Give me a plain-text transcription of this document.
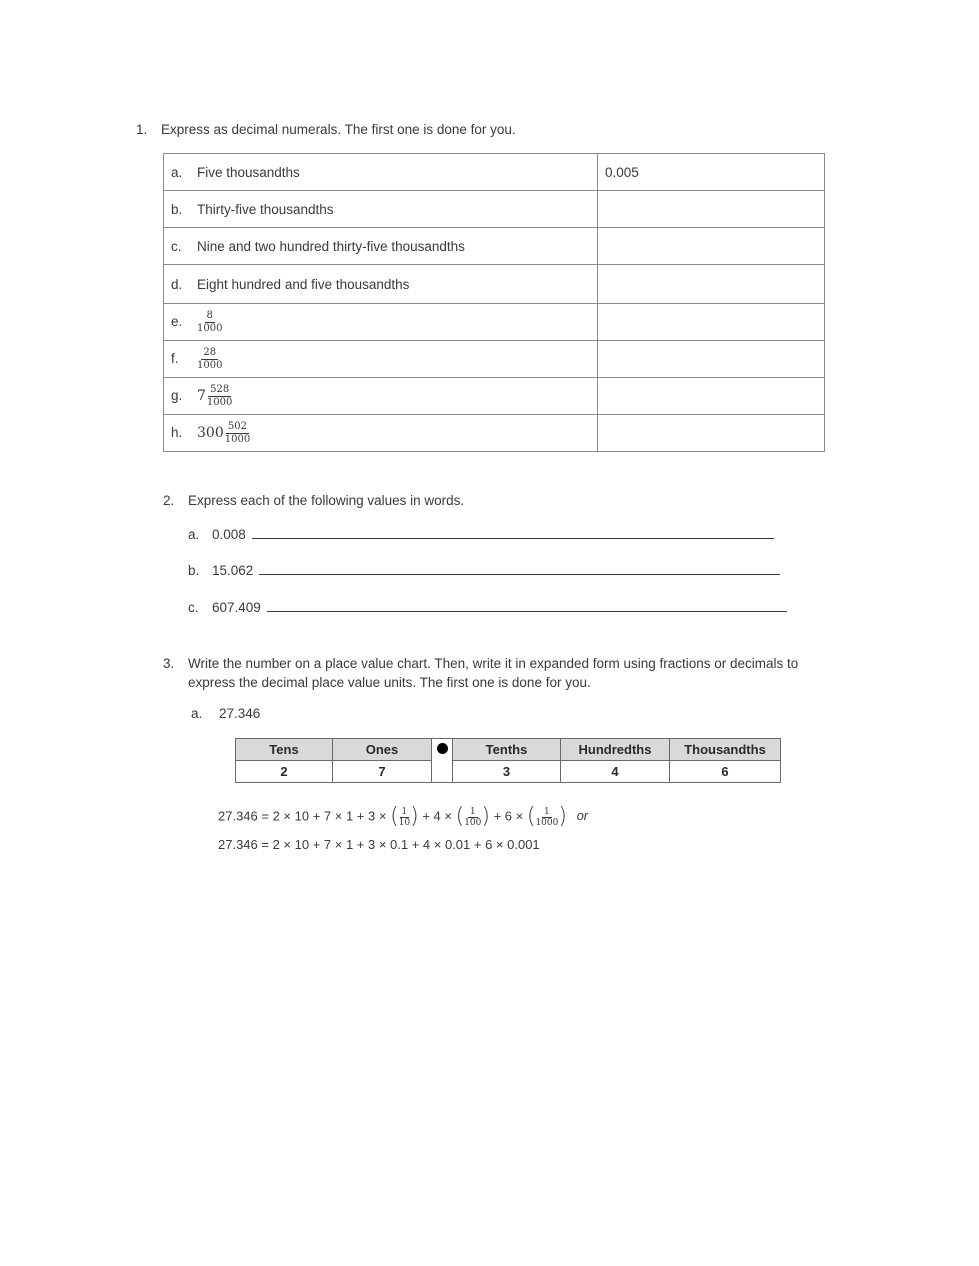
1. Express as decimal numerals. The first one is done for you.
a. Five thousandths	0.005
b. Thirty-five thousandths	
c. Nine and two hundred thirty-five thousandths	
d. Eight hundred and five thousandths	
e. $\frac{8}{1000}$

f. $\frac{28}{1000}$

g. $7 \frac{528}{1000}$

h. $300 \frac{502}{1000}$

2. Express each of the following values in words.
a. 0.008
b. 15.062
c. 607.409
3. Write the number on a place value chart. Then, write it in expanded form using fractions or decimals to
express the decimal place value units. The first one is done for you.
a. 27.346
Tens	Ones		Tenths	Hundredths	Thousandths
2	7		3	4	6
27.346 = 2 × 10 + 7 × 1 + 3 × ( $\frac{1}{10}$ ) + 4 × ( $\frac{1}{100}$ ) + 6 × ( $\frac{1}{1000}$ ) or
27.346 = 2 × 10 + 7 × 1 + 3 × 0.1 + 4 × 0.01 + 6 × 0.001
